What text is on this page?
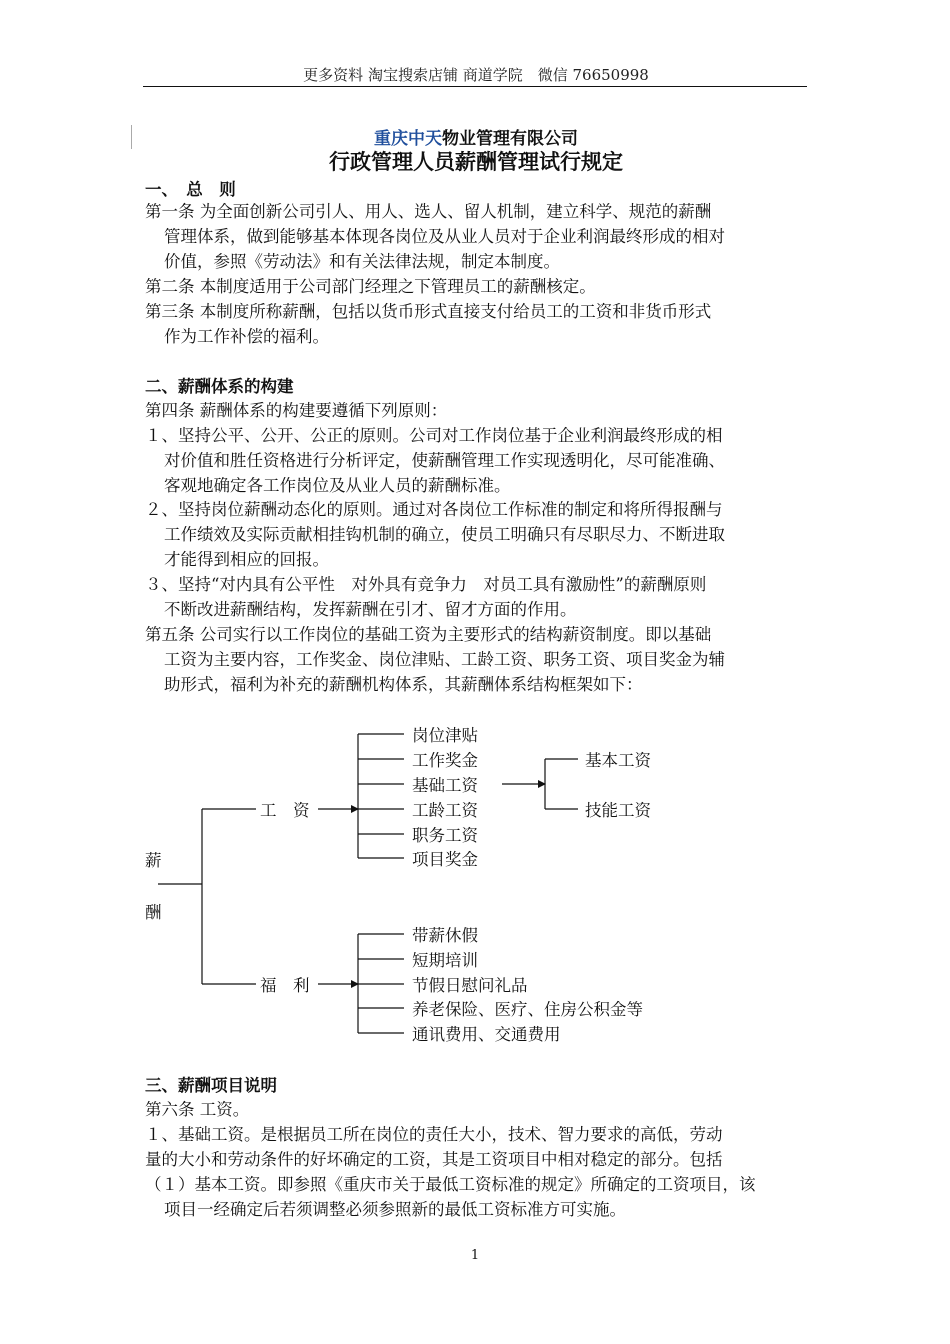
更多资料 淘宝搜索店铺 商道学院　微信 76650998
重庆中天物业管理有限公司
行政管理人员薪酬管理试行规定
一、　总　则
第一条 为全面创新公司引人、用人、选人、留人机制，建立科学、规范的薪酬
管理体系，做到能够基本体现各岗位及从业人员对于企业利润最终形成的相对
价值，参照《劳动法》和有关法律法规，制定本制度。
第二条 本制度适用于公司部门经理之下管理员工的薪酬核定。
第三条 本制度所称薪酬，包括以货币形式直接支付给员工的工资和非货币形式
作为工作补偿的福利。
二、薪酬体系的构建
第四条 薪酬体系的构建要遵循下列原则：
１、坚持公平、公开、公正的原则。公司对工作岗位基于企业利润最终形成的相
对价值和胜任资格进行分析评定，使薪酬管理工作实现透明化，尽可能准确、
客观地确定各工作岗位及从业人员的薪酬标准。
２、坚持岗位薪酬动态化的原则。通过对各岗位工作标准的制定和将所得报酬与
工作绩效及实际贡献相挂钩机制的确立，使员工明确只有尽职尽力、不断进取
才能得到相应的回报。
３、坚持“对内具有公平性　对外具有竞争力　对员工具有激励性”的薪酬原则
不断改进薪酬结构，发挥薪酬在引才、留才方面的作用。
第五条 公司实行以工作岗位的基础工资为主要形式的结构薪资制度。即以基础
工资为主要内容，工作奖金、岗位津贴、工龄工资、职务工资、项目奖金为辅
助形式，福利为补充的薪酬机构体系，其薪酬体系结构框架如下：
薪
酬
工　资
福　利
岗位津贴
工作奖金
基础工资
工龄工资
职务工资
项目奖金
基本工资
技能工资
带薪休假
短期培训
节假日慰问礼品
养老保险、医疗、住房公积金等
通讯费用、交通费用
三、薪酬项目说明
第六条 工资。
１、基础工资。是根据员工所在岗位的责任大小，技术、智力要求的高低，劳动
量的大小和劳动条件的好坏确定的工资，其是工资项目中相对稳定的部分。包括
（１）基本工资。即参照《重庆市关于最低工资标准的规定》所确定的工资项目，该
项目一经确定后若须调整必须参照新的最低工资标准方可实施。
1
